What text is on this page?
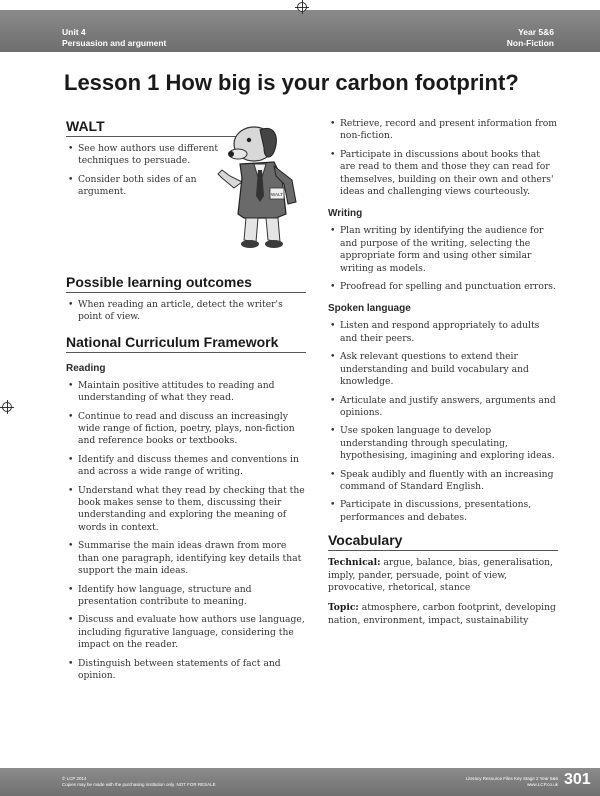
Unit 4
Persuasion and argument
Year 5&6
Non-Fiction
Lesson 1 How big is your carbon footprint?
WALT
• See how authors use different techniques to persuade.
• Consider both sides of an argument.	WALT
Possible learning outcomes
• When reading an article, detect the writer's point of view.
National Curriculum Framework
Reading
• Maintain positive attitudes to reading and understanding of what they read.
• Continue to read and discuss an increasingly wide range of fiction, poetry, plays, non-fiction and reference books or textbooks.
• Identify and discuss themes and conventions in and across a wide range of writing.
• Understand what they read by checking that the book makes sense to them, discussing their understanding and exploring the meaning of words in context.
• Summarise the main ideas drawn from more than one paragraph, identifying key details that support the main ideas.
• Identify how language, structure and presentation contribute to meaning.
• Discuss and evaluate how authors use language, including figurative language, considering the impact on the reader.
• Distinguish between statements of fact and opinion.
• Retrieve, record and present information from non-fiction.
• Participate in discussions about books that are read to them and those they can read for themselves, building on their own and others' ideas and challenging views courteously.
Writing
• Plan writing by identifying the audience for and purpose of the writing, selecting the appropriate form and using other similar writing as models.
• Proofread for spelling and punctuation errors.
Spoken language
• Listen and respond appropriately to adults and their peers.
• Ask relevant questions to extend their understanding and build vocabulary and knowledge.
• Articulate and justify answers, arguments and opinions.
• Use spoken language to develop understanding through speculating, hypothesising, imagining and exploring ideas.
• Speak audibly and fluently with an increasing command of Standard English.
• Participate in discussions, presentations, performances and debates.
Vocabulary

Technical: argue, balance, bias, generalisation, imply, pander, persuade, point of view, provocative, rhetorical, stance

Topic: atmosphere, carbon footprint, developing nation, environment, impact, sustainability

© LCP 2014
Copies may be made with the purchasing institution only. NOT FOR RESALE
Literacy Resource Files Key Stage 2 Year 5&6
www.LCP.co.uk 301
